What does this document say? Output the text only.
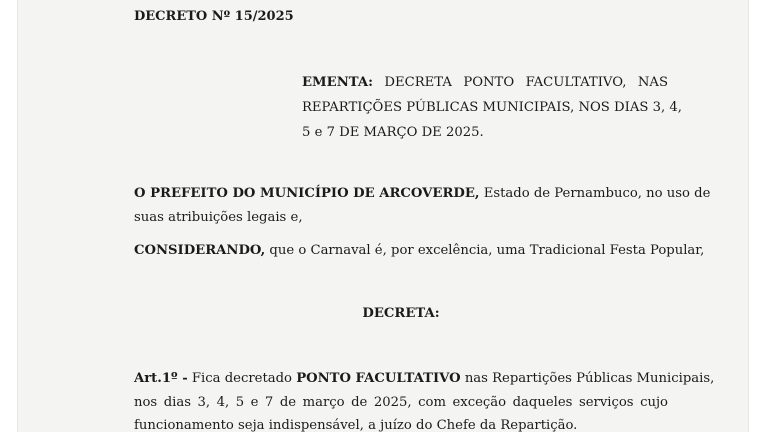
DECRETO Nº 15/2025
EMENTA: DECRETA PONTO FACULTATIVO, NAS
REPARTIÇÕES PÚBLICAS MUNICIPAIS, NOS DIAS 3, 4,
5 e 7 DE MARÇO DE 2025.
O PREFEITO DO MUNICÍPIO DE ARCOVERDE, Estado de Pernambuco, no uso de
suas atribuições legais e,
CONSIDERANDO, que o Carnaval é, por excelência, uma Tradicional Festa Popular,
DECRETA:
Art.1º - Fica decretado PONTO FACULTATIVO nas Repartições Públicas Municipais,
nos dias 3, 4, 5 e 7 de março de 2025, com exceção daqueles serviços cujo
funcionamento seja indispensável, a juízo do Chefe da Repartição.
